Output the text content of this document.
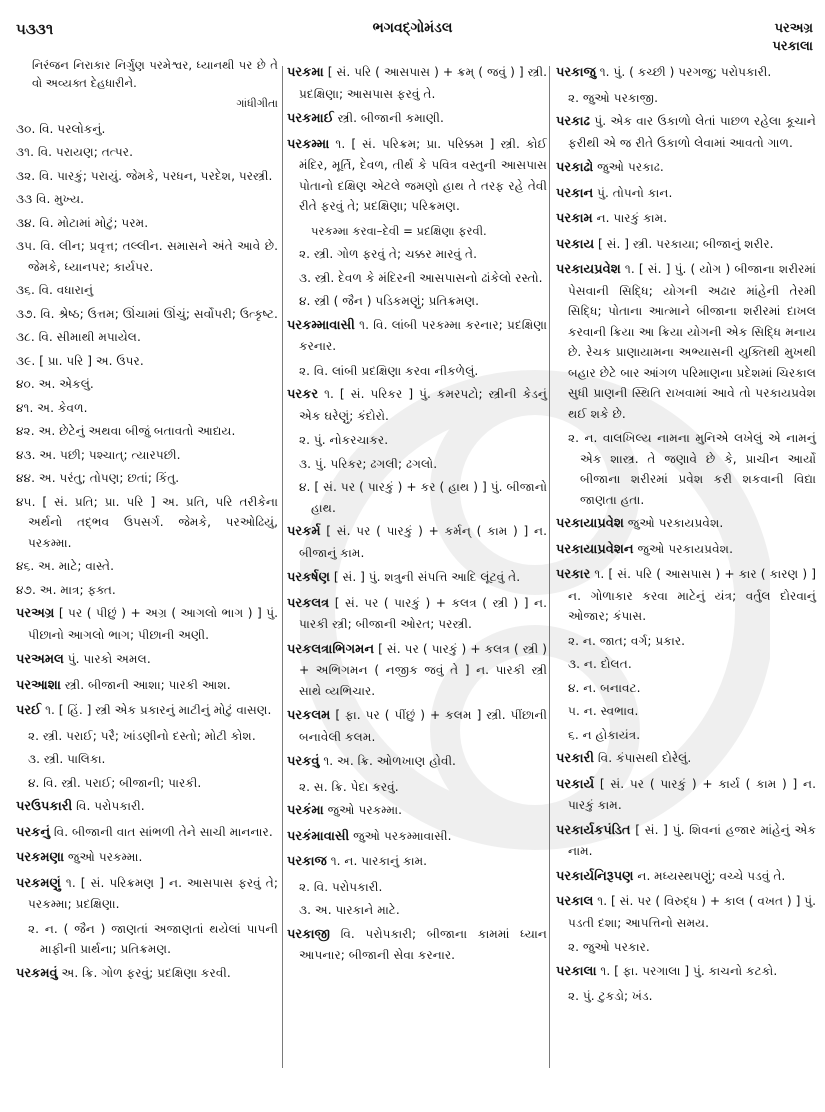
૫૩૩૧	ભગવદ્ગોમંડલ	પરઅગ્ર
પરકાલા
નિરંજન નિરાકાર નિર્ગુણ પરમેશ્વર, ધ્યાનથી પર છે તે વો અવ્યક્ત દેહધારીને.
ગાંધીગીતા
૩૦. વિ. પરલોકનું.
૩૧. વિ. પરાયણ; તત્પર.
૩૨. વિ. પારકું; પરાયું. જેમકે, પરધન, પરદેશ, પરસ્ત્રી.
૩૩ વિ. મુખ્ય.
૩૪. વિ. મોટામાં મોટું; પરમ.
૩૫. વિ. લીન; પ્રવૃત્ત; તલ્લીન. સમાસને અંતે આવે છે. જેમકે, ધ્યાનપર; કાર્યપર.
૩૬. વિ. વધારાનું
૩૭. વિ. શ્રેષ્ઠ; ઉત્તમ; ઊંચામાં ઊંચું; સર્વોપરી; ઉત્કૃષ્ટ.
૩૮. વિ. સીમાથી મપાયેલ.
૩૯. [ પ્રા. પરિ ] અ. ઉપર.
૪૦. અ. એકલું.
૪૧. અ. કેવળ.
૪૨. અ. છેટેનું અથવા બીજું બતાવતો આદ્યય.
૪૩. અ. પછી; પશ્ચાત્; ત્યારપછી.
૪૪. અ. પરંતુ; તોપણ; છતાં; કિંતુ.
૪૫. [ સં. પ્રતિ; પ્રા. પરિ ] અ. પ્રતિ, પરિ તરીકેના અર્થનો તદ્ભવ ઉપસર્ગ. જેમકે, પરઓઢિયું, પરકમ્મા.
૪૬. અ. માટે; વાસ્તે.
૪૭. અ. માત્ર; ફક્ત.
પરઅગ્ર [ પર ( પીછું ) + અગ્ર ( આગલો ભાગ ) ] પું. પીછાનો આગલો ભાગ; પીછાની અણી.
પરઅમલ પું. પારકો અમલ.
પરઆશા સ્ત્રી. બીજાની આશા; પારકી આશ.
પરઈ ૧. [ હિં. ] સ્ત્રી એક પ્રકારનું માટીનું મોટું વાસણ.
૨. સ્ત્રી. પરાઈ; પરૈ; ખાંડણીનો દસ્તો; મોટી કોશ.
૩. સ્ત્રી. પાલિકા.
૪. વિ. સ્ત્રી. પરાઈ; બીજાની; પારકી.
પરઉપકારી વિ. પરોપકારી.
પરકનું વિ. બીજાની વાત સાંભળી તેને સાચી માનનાર.
પરકમણા જુઓ પરકમ્મા.
પરકમણું ૧. [ સં. પરિક્રમણ ] ન. આસપાસ ફરવું તે; પરકમ્મા; પ્રદક્ષિણા.
૨. ન. ( જૈન ) જાણતાં અજાણતાં થયેલાં પાપની માફીની પ્રાર્થના; પ્રતિક્રમણ.
પરકમવું અ. ક્રિ. ગોળ ફરવું; પ્રદક્ષિણા કરવી.
પરકમા [ સં. પરિ ( આસપાસ ) + ક્રમ્ ( જવું ) ] સ્ત્રી. પ્રદક્ષિણા; આસપાસ ફરવું તે.
પરકમાઈ સ્ત્રી. બીજાની કમાણી.
પરકમ્મા ૧. [ સં. પરિક્રમ; પ્રા. પરિક્કમ ] સ્ત્રી. કોઈ મંદિર, મૂર્તિ, દેવળ, તીર્થ કે પવિત્ર વસ્તુની આસપાસ પોતાનો દક્ષિણ એટલે જમણો હાથ તે તરફ રહે તેવી રીતે ફરવું તે; પ્રદક્ષિણા; પરિક્રમણ.
પરકમ્મા કરવા–દેવી = પ્રદક્ષિણા ફરવી.
૨. સ્ત્રી. ગોળ ફરવું તે; ચક્કર મારવું તે.
૩. સ્ત્રી. દેવળ કે મંદિરની આસપાસનો ઢાંકેલો રસ્તો.
૪. સ્ત્રી ( જૈન ) પડિકમણું; પ્રતિક્રમણ.
પરકમ્માવાસી ૧. વિ. લાંબી પરકમ્મા કરનાર; પ્રદક્ષિણા કરનાર.
૨. વિ. લાંબી પ્રદક્ષિણા કરવા નીકળેલું.
પરકર ૧. [ સં. પરિકર ] પું. કમરપટો; સ્ત્રીની કેડનું એક ઘરેણું; કંદોરો.
૨. પું. નોકરચાકર.
૩. પું. પરિકર; ઢગલી; ઢગલો.
૪. [ સં. પર ( પારકું ) + કર ( હાથ ) ] પું. બીજાનો હાથ.
પરકર્મ [ સં. પર ( પારકું ) + કર્મન્ ( કામ ) ] ન. બીજાનું કામ.
પરકર્ષણ [ સં. ] પું. શત્રુની સંપત્તિ આદિ લૂંટવું તે.
પરકલત્ર [ સં. પર ( પારકું ) + કલત્ર ( સ્ત્રી ) ] ન. પારકી સ્ત્રી; બીજાની ઓરત; પરસ્ત્રી.
પરકલત્રાભિગમન [ સં. પર ( પારકું ) + કલત્ર ( સ્ત્રી ) + અભિગમન ( નજીક જવું તે ] ન. પારકી સ્ત્રી સાથે વ્યભિચાર.
પરકલમ [ ફા. પર ( પીંછું ) + કલમ ] સ્ત્રી. પીંછાની બનાવેલી કલમ.
પરકવું ૧. અ. ક્રિ. ઓળખાણ હોવી.
૨. સ. ક્રિ. પેદા કરવું.
પરકંમા જુઓ પરકમ્મા.
પરકંમાવાસી જુઓ પરકમ્માવાસી.
પરકાજ ૧. ન. પારકાનું કામ.
૨. વિ. પરોપકારી.
૩. અ. પારકાને માટે.
પરકાજી વિ. પરોપકારી; બીજાના કામમાં ધ્યાન આપનાર; બીજાની સેવા કરનાર.
પરકાજુ ૧. પું. ( કચ્છી ) પરગજુ; પરોપકારી.
૨. જુઓ પરકાજી.
પરકાઢ પું. એક વાર ઉકાળો લેતાં પાછળ રહેલા કૂચાને ફરીથી એ જ રીતે ઉકાળો લેવામાં આવતો ગાળ.
પરકાઢો જુઓ પરકાઢ.
પરકાન પું. તોપનો કાન.
પરકામ ન. પારકું કામ.
પરકાય [ સં. ] સ્ત્રી. પરકાયા; બીજાનું શરીર.
પરકાયપ્રવેશ ૧. [ સં. ] પું. ( યોગ ) બીજાના શરીરમાં પેસવાની સિદ્ધિ; યોગની અઢાર માંહેની તેરમી સિદ્ધિ; પોતાના આત્માને બીજાના શરીરમાં દાખલ કરવાની ક્રિયા આ ક્રિયા યોગની એક સિદ્ધિ મનાય છે. રેચક પ્રાણાયામના અભ્યાસની યુક્તિથી મુખથી બહાર છેટે બાર આંગળ પરિમાણના પ્રદેશમાં ચિરકાલ સુધી પ્રાણની સ્થિતિ રાખવામાં આવે તો પરકાયપ્રવેશ થઈ શકે છે.
૨. ન. વાલખિલ્ય નામના મુનિએ લખેલું એ નામનું એક શાસ્ત્ર. તે જણાવે છે કે, પ્રાચીન આર્યો બીજાના શરીરમાં પ્રવેશ કરી શકવાની વિદ્યા જાણતા હતા.
પરકાયાપ્રવેશ જુઓ પરકાયપ્રવેશ.
પરકાયાપ્રવેશન જુઓ પરકાયપ્રવેશ.
પરકાર ૧. [ સં. પરિ ( આસપાસ ) + કાર ( કારણ ) ] ન. ગોળાકાર કરવા માટેનું યંત્ર; વર્તુલ દોરવાનું ઓજાર; કંપાસ.
૨. ન. જાત; વર્ગ; પ્રકાર.
૩. ન. દોલત.
૪. ન. બનાવટ.
૫. ન. સ્વભાવ.
૬. ન હોકાયંત્ર.
પરકારી વિ. કંપાસથી દોરેલું.
પરકાર્ય [ સં. પર ( પારકું ) + કાર્ય ( કામ ) ] ન. પારકું કામ.
પરકાર્યકપંડિત [ સં. ] પું. શિવનાં હજાર માંહેનું એક નામ.
પરકાર્યનિરૂપણ ન. મધ્યસ્થપણું; વચ્ચે પડવું તે.
પરકાલ ૧. [ સં. પર ( વિરુદ્ધ ) + કાલ ( વખત ) ] પું. પડતી દશા; આપત્તિનો સમય.
૨. જુઓ પરકાર.
પરકાલા ૧. [ ફા. પરગાલા ] પું. કાચનો કટકો.
૨. પું. ટુકડો; ખંડ.
